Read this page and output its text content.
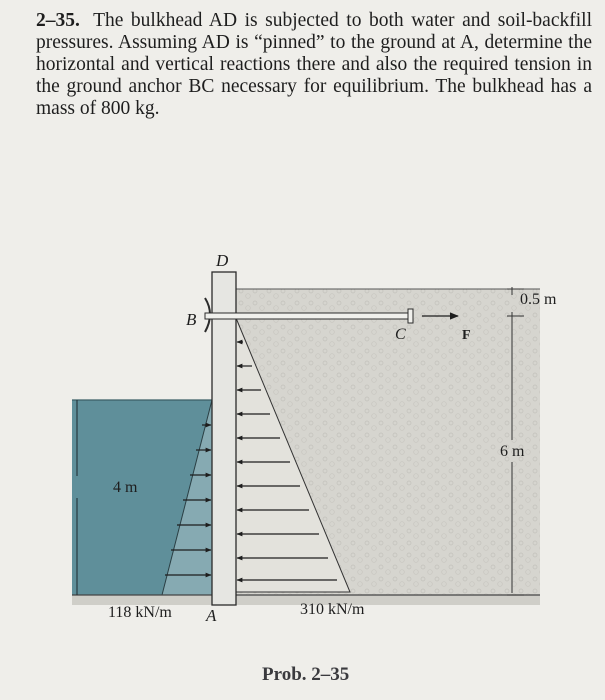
2–35. The bulkhead AD is subjected to both water and soil-backfill pressures. Assuming AD is “pinned” to the ground at A, determine the horizontal and vertical reactions there and also the required tension in the ground anchor BC necessary for equilibrium. The bulkhead has a mass of 800 kg.
D
B
C	F
A
0.5 m
6 m
4 m
118 kN/m	310 kN/m
Prob. 2–35
